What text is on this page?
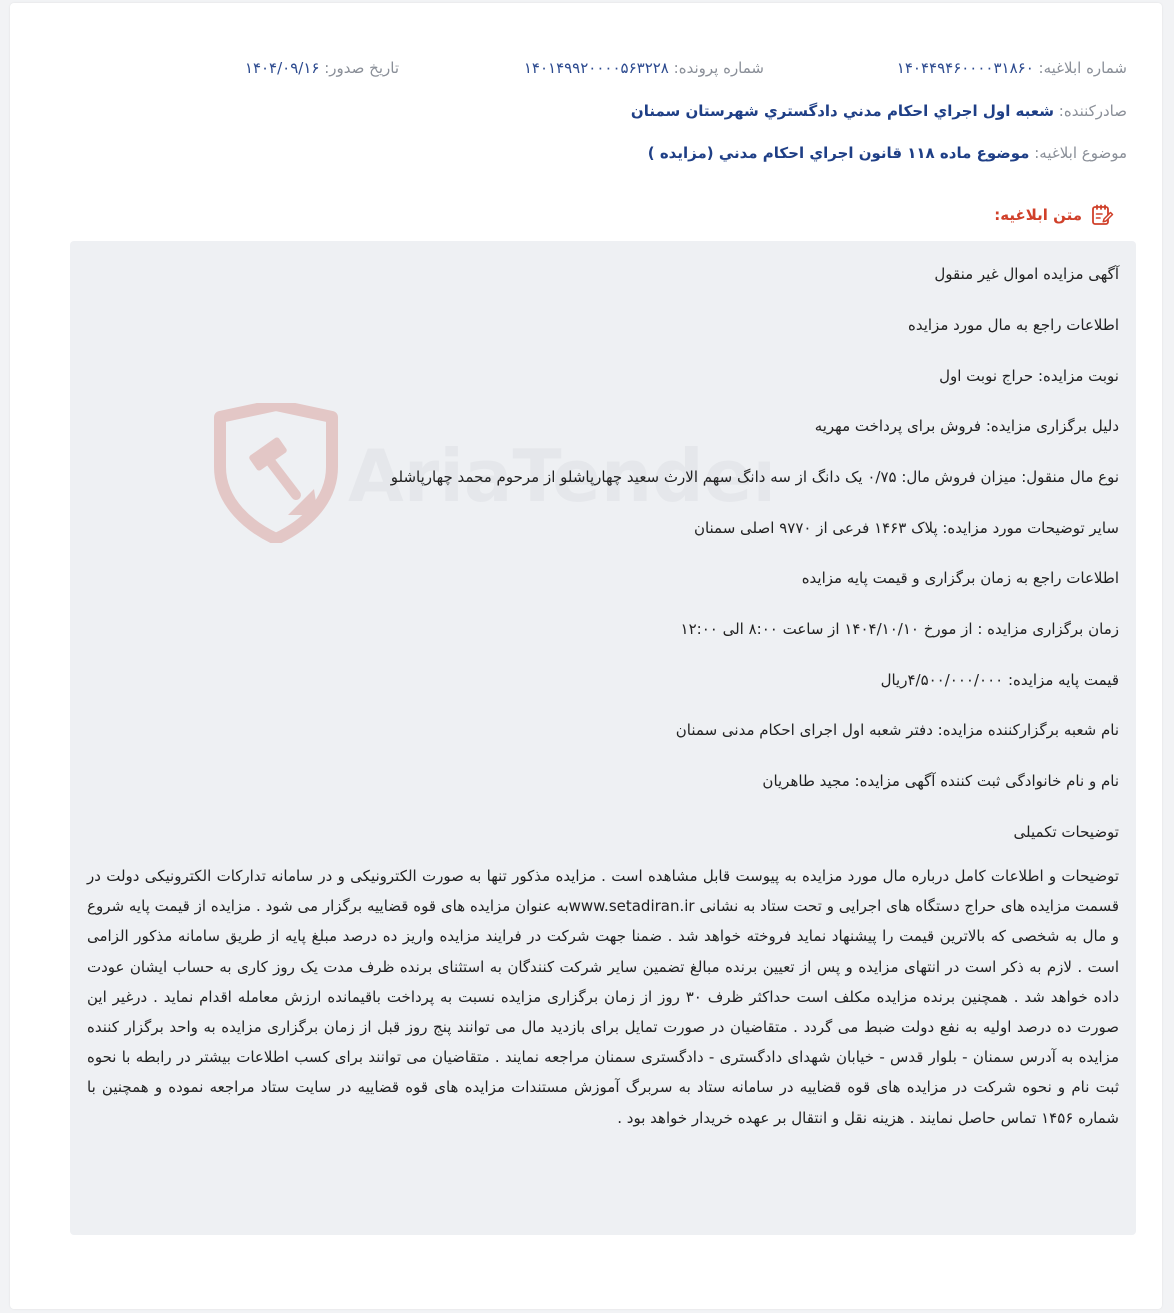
شماره ابلاغیه: ۱۴۰۴۴۹۴۶۰۰۰۰۳۱۸۶۰
شماره پرونده: ۱۴۰۱۴۹۹۲۰۰۰۰۵۶۳۲۲۸
تاریخ صدور: ۱۴۰۴/۰۹/۱۶
صادرکننده: شعبه اول اجراي احكام مدني دادگستري شهرستان سمنان
موضوع ابلاغيه: موضوع ماده ۱۱۸ قانون اجراي احكام مدني (مزايده )
متن ابلاغیه:
AriaTender
آگهی مزایده اموال غیر منقول
اطلاعات راجع به مال مورد مزایده
نوبت مزایده: حراج نوبت اول
دلیل برگزاری مزایده: فروش برای پرداخت مهریه
نوع مال منقول: میزان فروش مال: ۰/۷۵ یک دانگ از سه دانگ سهم الارث سعید چهارپاشلو از مرحوم محمد چهارپاشلو
سایر توضیحات مورد مزایده: پلاک ۱۴۶۳ فرعی از ۹۷۷۰ اصلی سمنان
اطلاعات راجع به زمان برگزاری و قیمت پایه مزایده
زمان برگزاری مزایده : از مورخ ۱۴۰۴/۱۰/۱۰ از ساعت ۸:۰۰ الی ۱۲:۰۰
قیمت پایه مزایده: ۴/۵۰۰/۰۰۰/۰۰۰ریال
نام شعبه برگزارکننده مزایده: دفتر شعبه اول اجرای احکام مدنی سمنان
نام و نام خانوادگی ثبت کننده آگهی مزایده: مجید طاهریان
توضیحات تکمیلی
توضیحات و اطلاعات کامل درباره مال مورد مزایده به پیوست قابل مشاهده است . مزایده مذکور تنها به صورت الکترونیکی و در سامانه تدارکات الکترونیکی دولت در قسمت مزایده های حراج دستگاه های اجرایی و تحت ستاد به نشانی www.setadiran.irبه عنوان مزایده های قوه قضاییه برگزار می شود . مزایده از قیمت پایه شروع و مال به شخصی که بالاترین قیمت را پیشنهاد نماید فروخته خواهد شد . ضمنا جهت شرکت در فرایند مزایده واریز ده درصد مبلغ پایه از طریق سامانه مذکور الزامی است . لازم به ذکر است در انتهای مزایده و پس از تعیین برنده مبالغ تضمین سایر شرکت کنندگان به استثنای برنده ظرف مدت یک روز کاری به حساب ایشان عودت داده خواهد شد . همچنین برنده مزایده مکلف است حداکثر ظرف ۳۰ روز از زمان برگزاری مزایده نسبت به پرداخت باقیمانده ارزش معامله اقدام نماید . درغیر این صورت ده درصد اولیه به نفع دولت ضبط می گردد . متقاضیان در صورت تمایل برای بازدید مال می توانند پنج روز قبل از زمان برگزاری مزایده به واحد برگزار کننده مزایده به آدرس سمنان - بلوار قدس - خیابان شهدای دادگستری - دادگستری سمنان مراجعه نمایند . متقاضیان می توانند برای کسب اطلاعات بیشتر در رابطه با نحوه ثبت نام و نحوه شرکت در مزایده های قوه قضاییه در سامانه ستاد به سربرگ آموزش مستندات مزایده های قوه قضاییه در سایت ستاد مراجعه نموده و همچنین با شماره ۱۴۵۶ تماس حاصل نمایند . هزینه نقل و انتقال بر عهده خریدار خواهد بود .
